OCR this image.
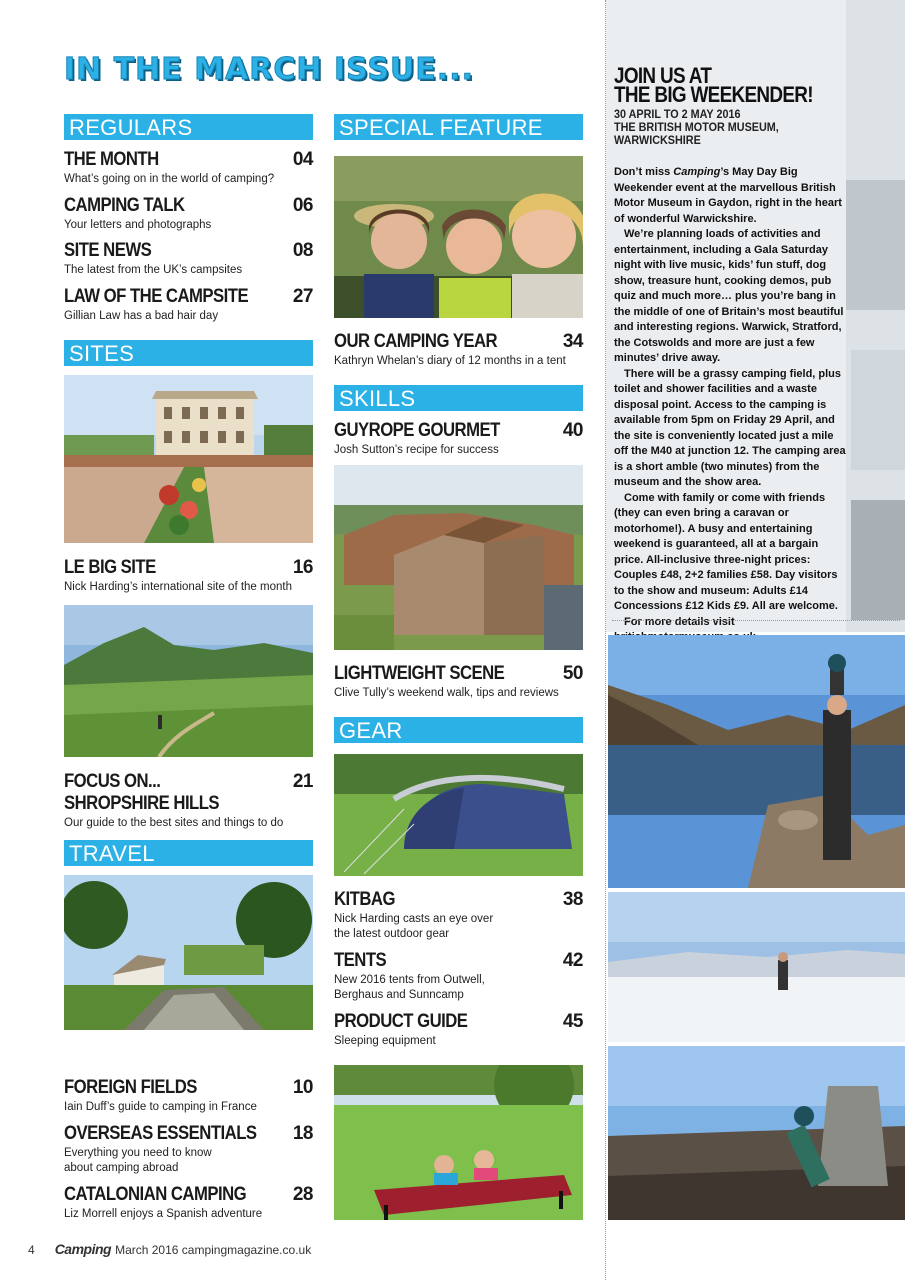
IN THE MARCH ISSUE...
REGULARS
THE MONTH	04
What’s going on in the world of camping?
CAMPING TALK	06
Your letters and photographs
SITE NEWS	08
The latest from the UK’s campsites
LAW OF THE CAMPSITE 27
Gillian Law has a bad hair day
SITES
LE BIG SITE	16
Nick Harding’s international site of the month
FOCUS ON...	21
SHROPSHIRE HILLS
Our guide to the best sites and things to do
TRAVEL
FOREIGN FIELDS	10
Iain Duff’s guide to camping in France
OVERSEAS ESSENTIALS 18
Everything you need to know
about camping abroad
CATALONIAN CAMPING 28
Liz Morrell enjoys a Spanish adventure
SPECIAL FEATURE
OUR CAMPING YEAR	34
Kathryn Whelan’s diary of 12 months in a tent
SKILLS
GUYROPE GOURMET	40
Josh Sutton’s recipe for success
LIGHTWEIGHT SCENE	50
Clive Tully’s weekend walk, tips and reviews
GEAR
KITBAG	38
Nick Harding casts an eye over
the latest outdoor gear
TENTS	42
New 2016 tents from Outwell,
Berghaus and Sunncamp
PRODUCT GUIDE	45
Sleeping equipment
JOIN US AT
THE BIG WEEKENDER!
30 APRIL TO 2 MAY 2016
THE BRITISH MOTOR MUSEUM,
WARWICKSHIRE

Don’t miss Camping’s May Day Big Weekender event at the marvellous British Motor Museum in Gaydon, right in the heart of wonderful Warwickshire.

We’re planning loads of activities and entertainment, including a Gala Saturday night with live music, kids’ fun stuff, dog show, treasure hunt, cooking demos, pub quiz and much more… plus you’re bang in the middle of one of Britain’s most beautiful and interesting regions. Warwick, Stratford, the Cotswolds and more are just a few minutes’ drive away.

There will be a grassy camping field, plus toilet and shower facilities and a waste disposal point. Access to the camping is available from 5pm on Friday 29 April, and the site is conveniently located just a mile off the M40 at junction 12. The camping area is a short amble (two minutes) from the museum and the show area.

Come with family or come with friends (they can even bring a caravan or motorhome!). A busy and entertaining weekend is guaranteed, all at a bargain price. All-inclusive three-night prices: Couples £48, 2+2 families £58. Day visitors to the show and museum: Adults £14 Concessions £12 Kids £9. All are welcome.

For more details visit

4 Camping March 2016 campingmagazine.co.uk
